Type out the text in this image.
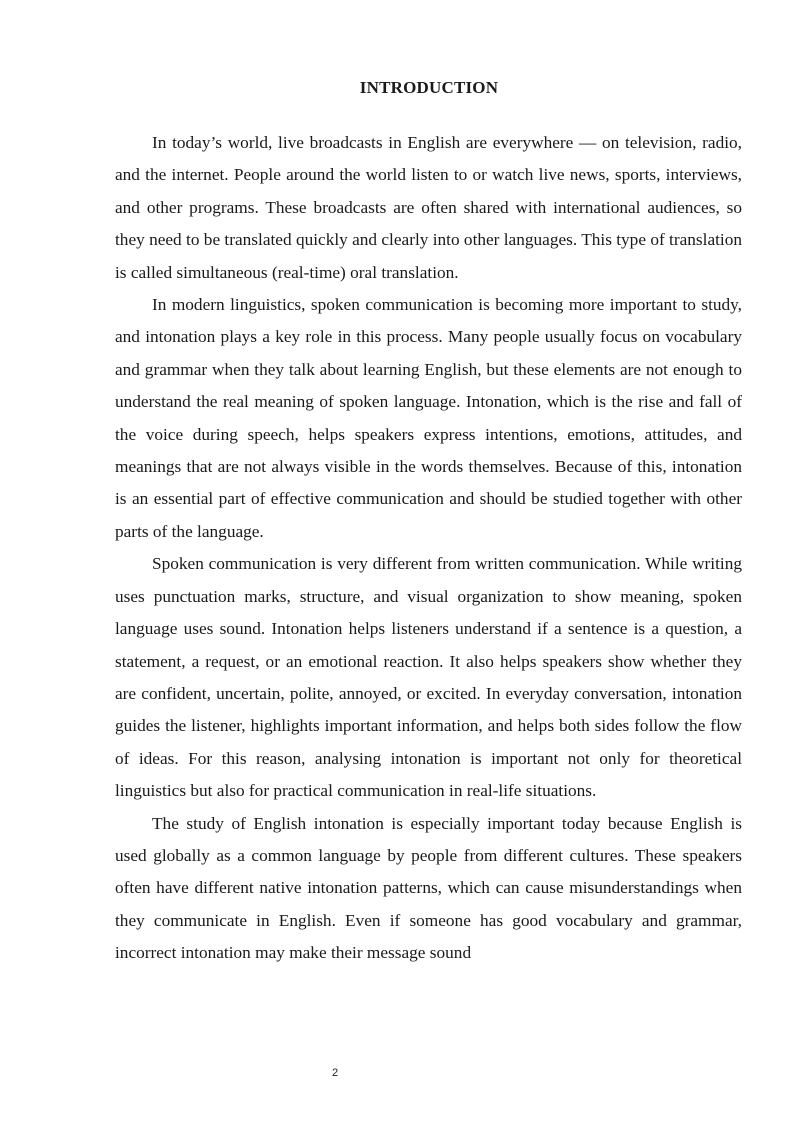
INTRODUCTION

In today’s world, live broadcasts in English are everywhere — on television, radio, and the internet. People around the world listen to or watch live news, sports, interviews, and other programs. These broadcasts are often shared with international audiences, so they need to be translated quickly and clearly into other languages. This type of translation is called simultaneous (real-time) oral translation.

In modern linguistics, spoken communication is becoming more important to study, and intonation plays a key role in this process. Many people usually focus on vocabulary and grammar when they talk about learning English, but these elements are not enough to understand the real meaning of spoken language. Intonation, which is the rise and fall of the voice during speech, helps speakers express intentions, emotions, attitudes, and meanings that are not always visible in the words themselves. Because of this, intonation is an essential part of effective communication and should be studied together with other parts of the language.

Spoken communication is very different from written communication. While writing uses punctuation marks, structure, and visual organization to show meaning, spoken language uses sound. Intonation helps listeners understand if a sentence is a question, a statement, a request, or an emotional reaction. It also helps speakers show whether they are confident, uncertain, polite, annoyed, or excited. In everyday conversation, intonation guides the listener, highlights important information, and helps both sides follow the flow of ideas. For this reason, analysing intonation is important not only for theoretical linguistics but also for practical communication in real-life situations.

The study of English intonation is especially important today because English is used globally as a common language by people from different cultures. These speakers often have different native intonation patterns, which can cause misunderstandings when they communicate in English. Even if someone has good vocabulary and grammar, incorrect intonation may make their message sound

2
